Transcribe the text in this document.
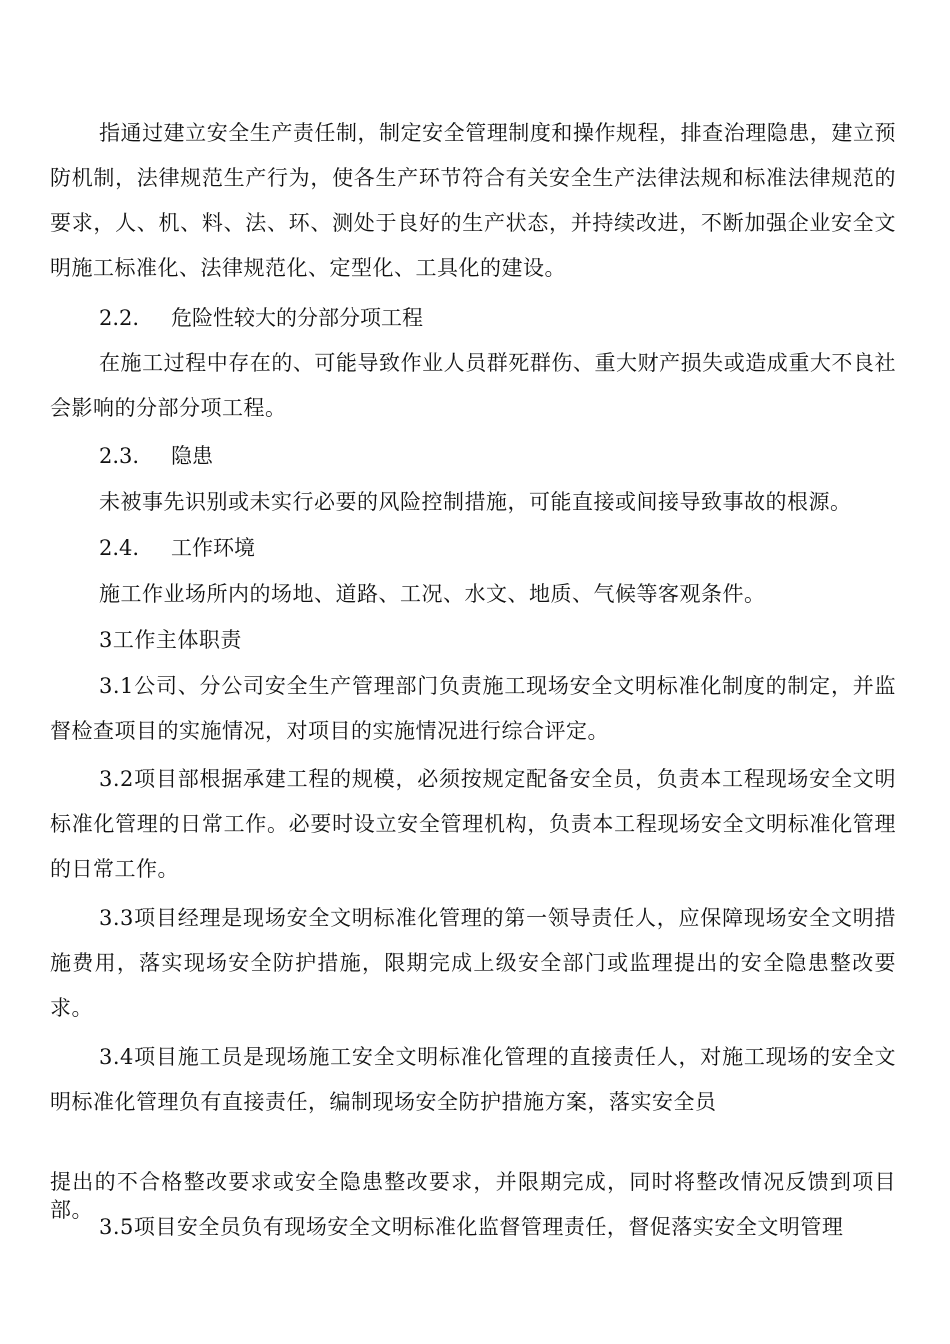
指通过建立安全生产责任制，制定安全管理制度和操作规程，排查治理隐患，建立预防机制，法律规范生产行为，使各生产环节符合有关安全生产法律法规和标准法律规范的要求，人、机、料、法、环、测处于良好的生产状态，并持续改进，不断加强企业安全文明施工标准化、法律规范化、定型化、工具化的建设。

2.2. 危险性较大的分部分项工程

在施工过程中存在的、可能导致作业人员群死群伤、重大财产损失或造成重大不良社会影响的分部分项工程。

2.3. 隐患

未被事先识别或未实行必要的风险控制措施，可能直接或间接导致事故的根源。

2.4. 工作环境

施工作业场所内的场地、道路、工况、水文、地质、气候等客观条件。

3工作主体职责

3.1公司、分公司安全生产管理部门负责施工现场安全文明标准化制度的制定，并监督检查项目的实施情况，对项目的实施情况进行综合评定。

3.2项目部根据承建工程的规模，必须按规定配备安全员，负责本工程现场安全文明标准化管理的日常工作。必要时设立安全管理机构，负责本工程现场安全文明标准化管理的日常工作。

3.3项目经理是现场安全文明标准化管理的第一领导责任人，应保障现场安全文明措施费用，落实现场安全防护措施，限期完成上级安全部门或监理提出的安全隐患整改要求。

3.4项目施工员是现场施工安全文明标准化管理的直接责任人，对施工现场的安全文明标准化管理负有直接责任，编制现场安全防护措施方案，落实安全员

提出的不合格整改要求或安全隐患整改要求，并限期完成，同时将整改情况反馈到项目部。

3.5项目安全员负有现场安全文明标准化监督管理责任，督促落实安全文明管理
